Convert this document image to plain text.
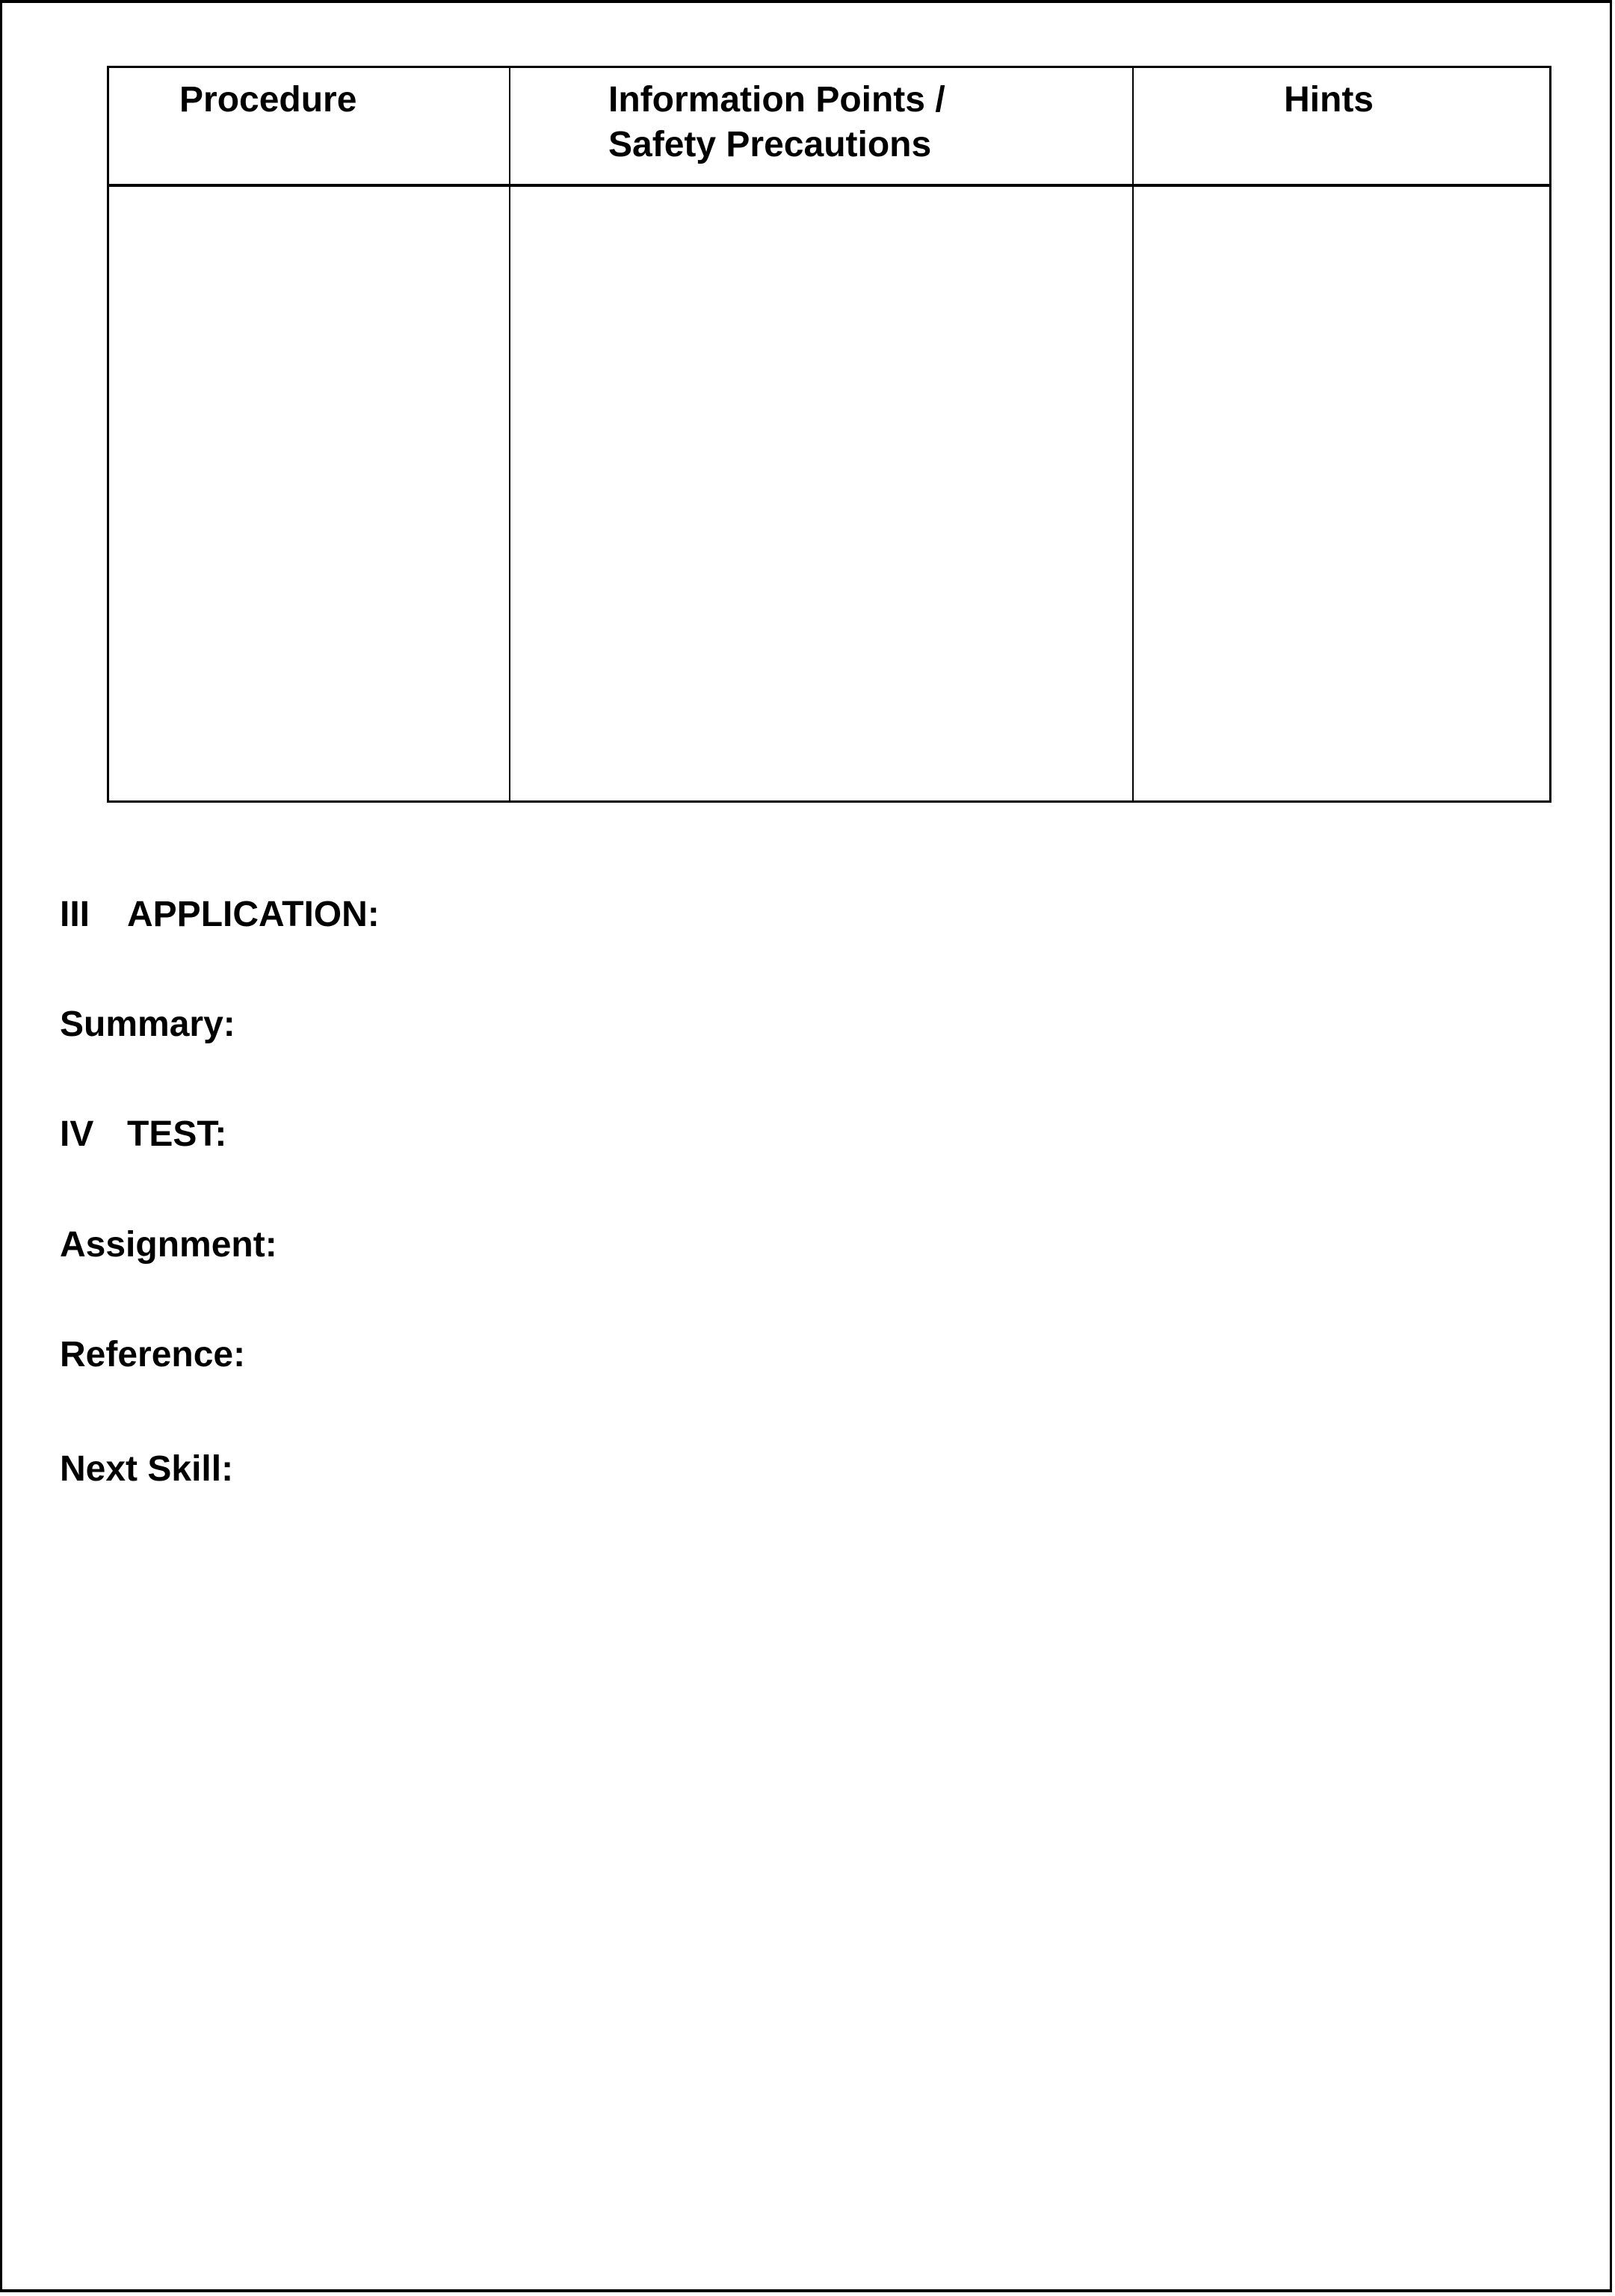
Procedure	Information Points /
Safety Precautions
Hints
III APPLICATION:
Summary:
IV TEST:
Assignment:
Reference:
Next Skill:
